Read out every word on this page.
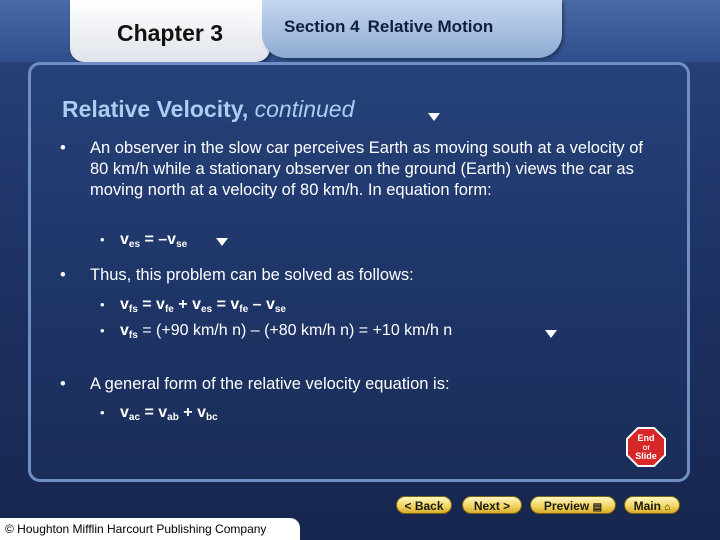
Chapter 3	Section 4 Relative Motion
Relative Velocity, continued
• An observer in the slow car perceives Earth as moving south at a velocity of 80 km/h while a stationary observer on the ground (Earth) views the car as moving north at a velocity of 80 km/h. In equation form:
• $v_{es} = -v_{se}$
• Thus, this problem can be solved as follows:
• $v_{fs} = v_{fe} + v_{es} = v_{fe} - v_{se}$
• $v_{fs} = (+90$ km/h n) – (+80 km/h n) = +10 km/h n
• A general form of the relative velocity equation is:
• $v_{ac} = v_{ab} + v_{bc}$
End
Of
Slide
< Back	Next >	Preview ▤	Main ⌂
© Houghton Mifflin Harcourt Publishing Company
